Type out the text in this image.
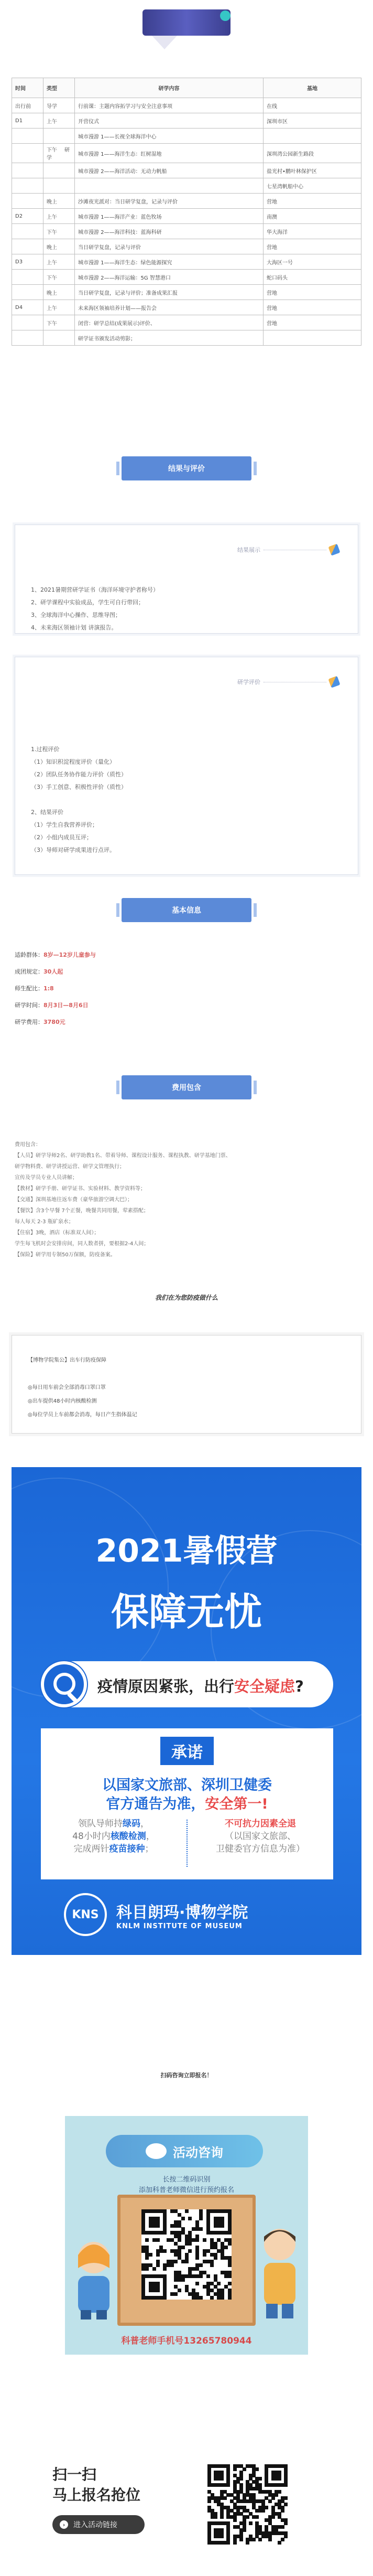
时间	类型	研学内容	基地
出行前	导学	行前课：主题内容拓学习与安全注意事项	在线
D1	上午	开营仪式	深圳市区
		城市漫游 1——长视全球海洋中心	
	下午 研学	城市漫游 1——海洋生态：红树湿地	深圳湾公园新生路段
		城市漫游 2——海洋活动：无动力帆船	盐光村•鹏叶林保护区
			七星湾帆船中心
	晚上	沙滩夜光派对：当日研学复盘，记录与评价	营地
D2	上午	城市漫游 1——海洋产业：蓝色牧场	南澳
	下午	城市漫游 2——海洋科技：蓝海科研	华大海洋
	晚上	当日研学复盘，记录与评价	营地
D3	上午	城市漫游 1——海洋生态：绿色能源探究	大海区一号
	下午	城市漫游 2——海洋运输：5G 智慧港口	蛇口码头
	晚上	当日研学复盘，记录与评价；准备成果汇报	营地
D4	上午	未来海区领袖培养计划——报告会	营地
	下午	闭营：研学总结(成果展示)评价、	营地
		研学证书颁发活动剪影；	
结果与评价
结果展示

1、2021暑期营研学证书（海洋环境守护者称号）

2、研学课程中实验成品，学生可自行带回；

3、全球海洋中心操作、思维导图；

4、未来海区领袖计划 讲演报告。

研学评价

1.过程评价

（1）知识积淀程度评价（量化）

（2）团队任务协作能力评价（质性）

（3）手工创意、积极性评价（质性）

2、结果评价

（1）学生自我营养评价；

（2）小组内成员互评；

（3）导师对研学成果进行点评。

基本信息
适龄群体：8岁—12岁儿童参与
成团规定：30人起
师生配比：1:8
研学时间：8月3日—8月6日
研学费用：3780元
费用包含
费用包含：
【人员】研学导师2名、研学助教1名、带着导师、课程设计服务、课程执教、研学基地门票、
研学物料费、研学讲授运营、研学文管理执行；
宣传及学员专业人员讲解；
【教材】研学手册、研学证书、实验材料、教学资料等；
【交通】深圳基地往返车费（豪华旅游空调大巴）；
【餐饮】含3个早餐 7个正餐，晚餐共同用餐，荤素搭配；
每人每天 2-3 瓶矿泉水；
【住宿】3晚，酒店（标准双人间）；
学生每飞机时会安排房间，同人数者拼，要根据2-4人间；
【保险】研学用专制50万保额，防疫备案。
我们在为您防疫做什么

【博物学院集公】出车行防疫保障

◎每日用车前会全部消毒口罩口罩

◎出车提供48小时内核酸检测

◎每位学员上车前都会消毒，每日产生指体温记

2021暑假营
保障无忧
疫情原因紧张，出行安全疑虑?
承诺
以国家文旅部、深圳卫健委
官方通告为准，安全第一!
领队导师持绿码，
48小时内核酸检测，
完成两针疫苗接种；
不可抗力因素全退
（以国家文旅部、
卫健委官方信息为准）
KNS	科目朗玛·博物学院
KNLM INSTITUTE OF MUSEUM
扫码咨询立即报名！
活动咨询
长按二维码识别
添加科普老师微信进行预约报名
科普老师手机号13265780944
扫一扫
马上报名抢位
›	进入活动链接
